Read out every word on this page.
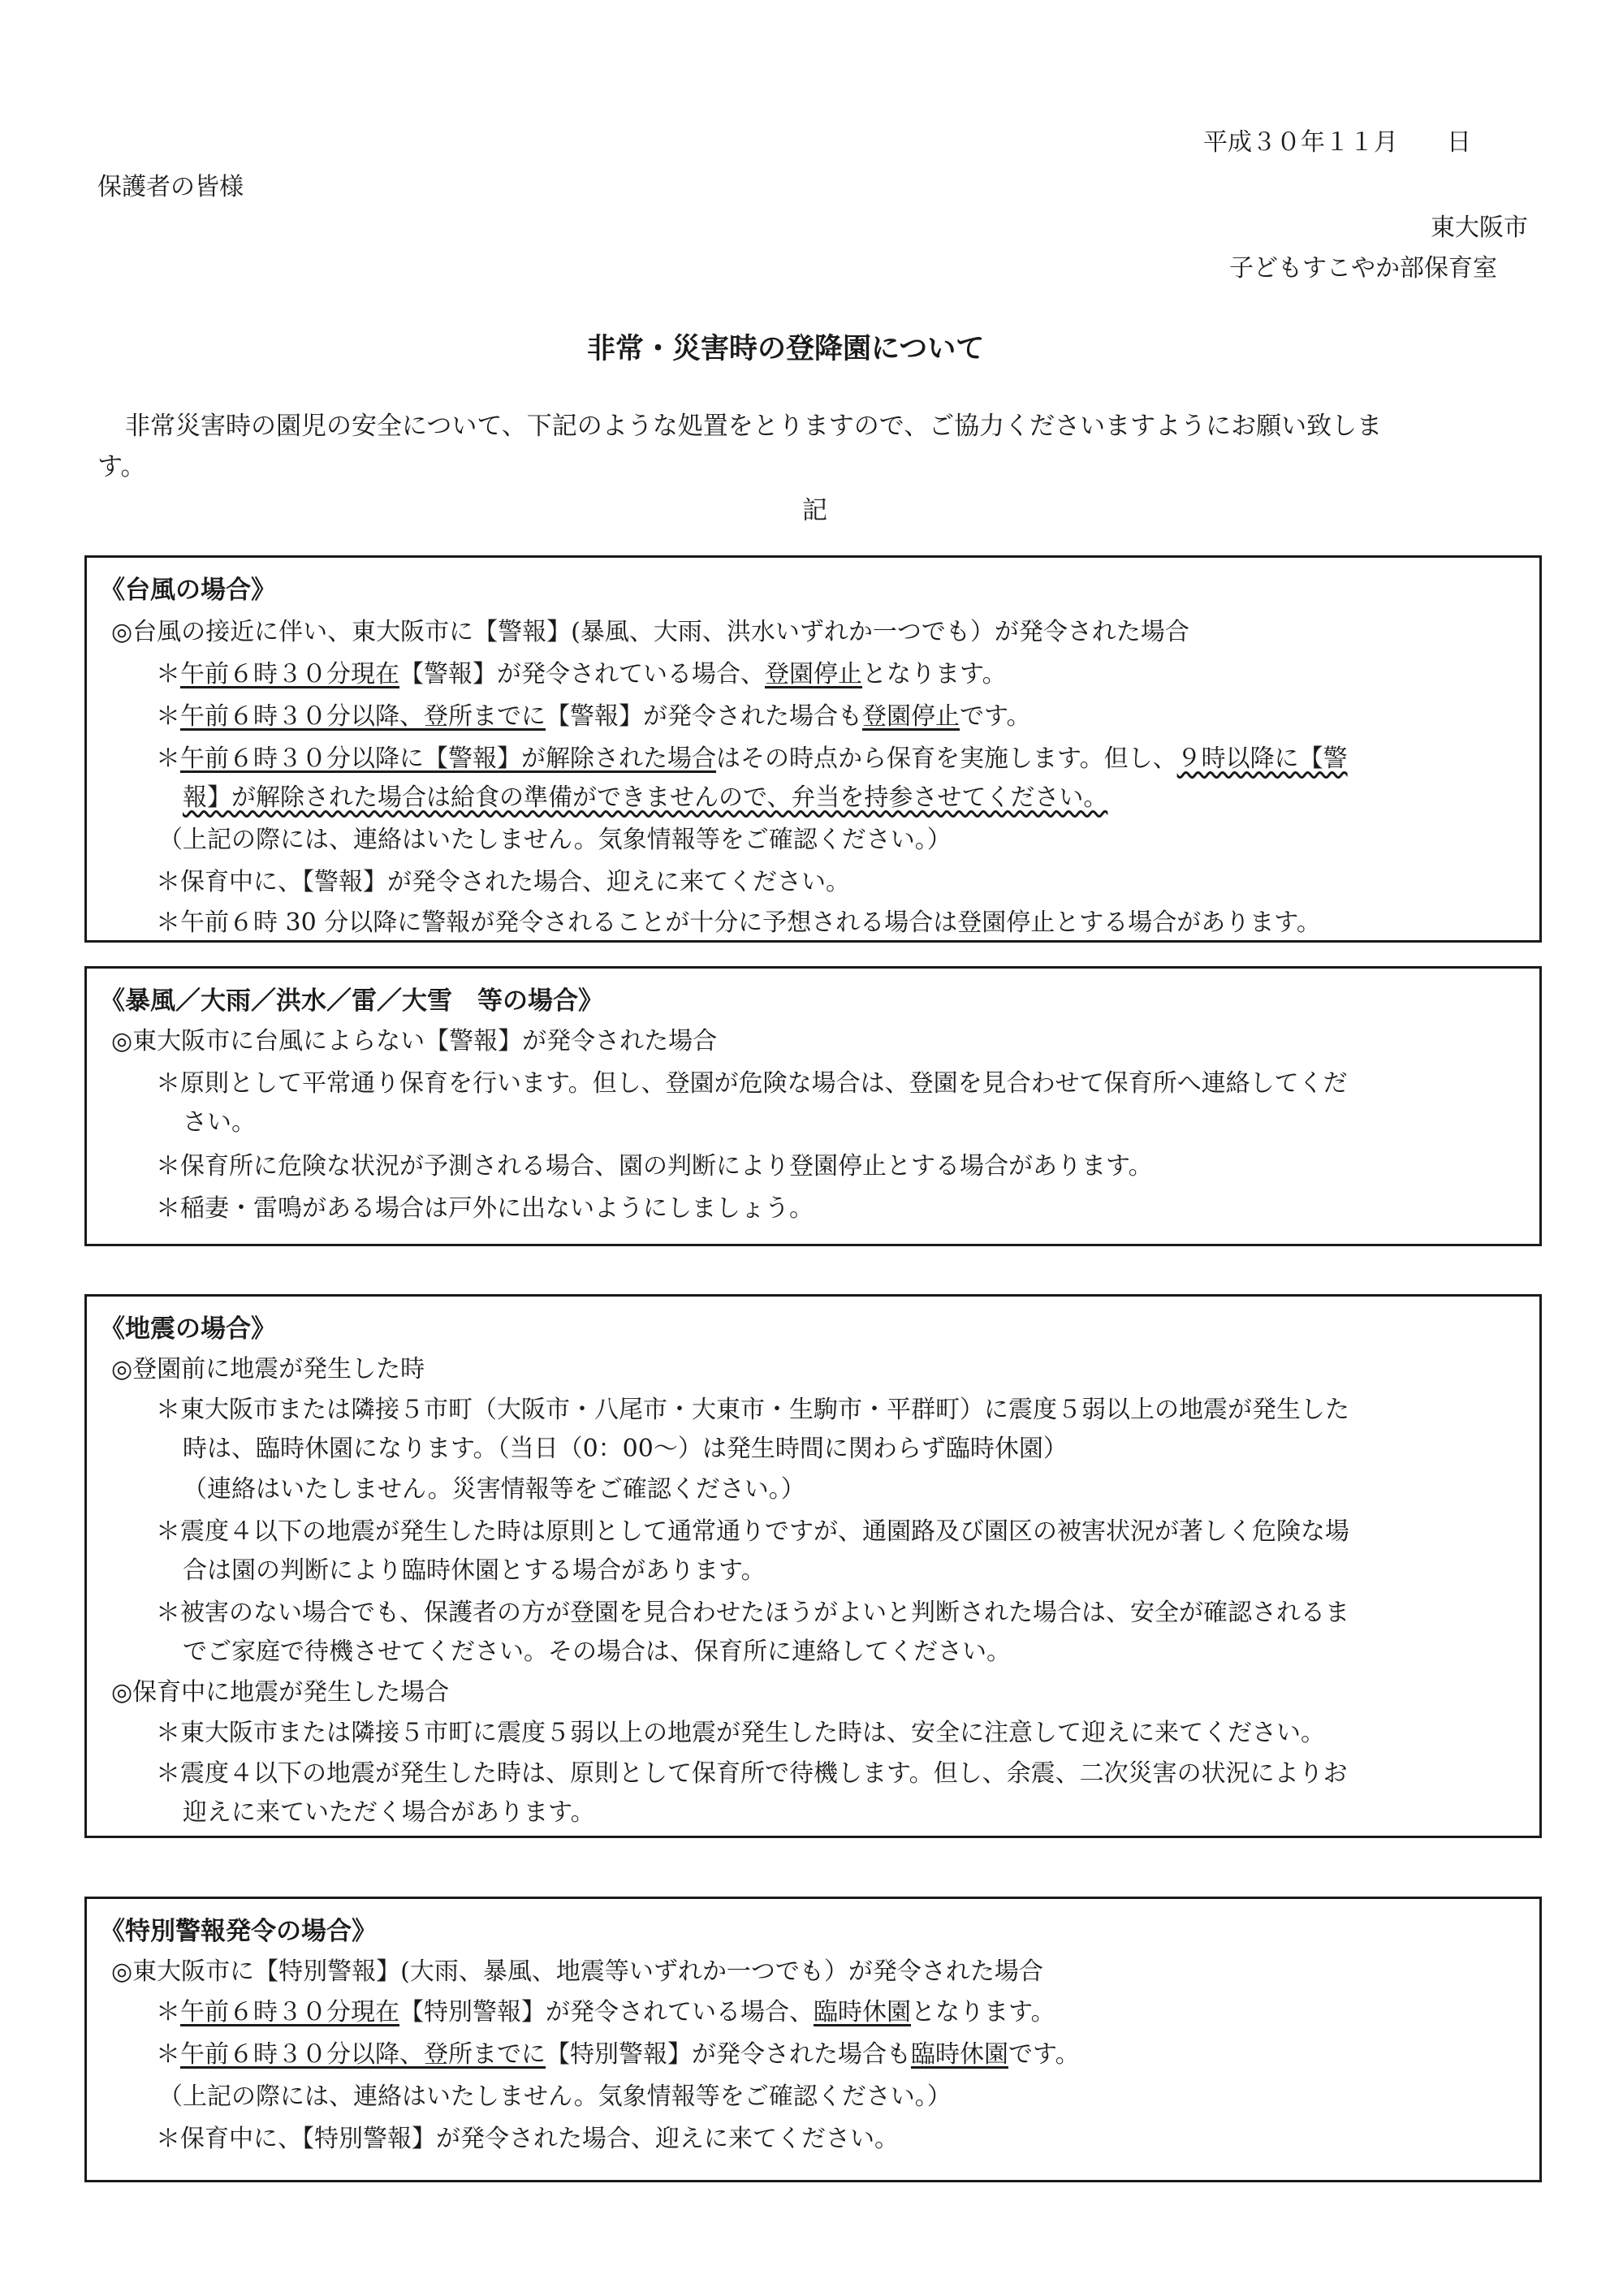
平成３０年１１月　　日
保護者の皆様
東大阪市
子どもすこやか部保育室
非常・災害時の登降園について
非常災害時の園児の安全について、下記のような処置をとりますので、ご協力くださいますようにお願い致しま
す。
記
《台風の場合》
◎台風の接近に伴い、東大阪市に【警報】(暴風、大雨、洪水いずれか一つでも）が発令された場合
＊午前６時３０分現在【警報】が発令されている場合、登園停止となります。
＊午前６時３０分以降、登所までに【警報】が発令された場合も登園停止です。
＊午前６時３０分以降に【警報】が解除された場合はその時点から保育を実施します。但し、９時以降に【警
報】が解除された場合は給食の準備ができませんので、弁当を持参させてください。
（上記の際には、連絡はいたしません。気象情報等をご確認ください。）
＊保育中に、【警報】が発令された場合、迎えに来てください。
＊午前６時 30 分以降に警報が発令されることが十分に予想される場合は登園停止とする場合があります。
《暴風／大雨／洪水／雷／大雪　等の場合》
◎東大阪市に台風によらない【警報】が発令された場合
＊原則として平常通り保育を行います。但し、登園が危険な場合は、登園を見合わせて保育所へ連絡してくだ
さい。
＊保育所に危険な状況が予測される場合、園の判断により登園停止とする場合があります。
＊稲妻・雷鳴がある場合は戸外に出ないようにしましょう。
《地震の場合》
◎登園前に地震が発生した時
＊東大阪市または隣接５市町（大阪市・八尾市・大東市・生駒市・平群町）に震度５弱以上の地震が発生した
時は、臨時休園になります。（当日（0：00～）は発生時間に関わらず臨時休園）
（連絡はいたしません。災害情報等をご確認ください。）
＊震度４以下の地震が発生した時は原則として通常通りですが、通園路及び園区の被害状況が著しく危険な場
合は園の判断により臨時休園とする場合があります。
＊被害のない場合でも、保護者の方が登園を見合わせたほうがよいと判断された場合は、安全が確認されるま
でご家庭で待機させてください。その場合は、保育所に連絡してください。
◎保育中に地震が発生した場合
＊東大阪市または隣接５市町に震度５弱以上の地震が発生した時は、安全に注意して迎えに来てください。
＊震度４以下の地震が発生した時は、原則として保育所で待機します。但し、余震、二次災害の状況によりお
迎えに来ていただく場合があります。
《特別警報発令の場合》
◎東大阪市に【特別警報】(大雨、暴風、地震等いずれか一つでも）が発令された場合
＊午前６時３０分現在【特別警報】が発令されている場合、臨時休園となります。
＊午前６時３０分以降、登所までに【特別警報】が発令された場合も臨時休園です。
（上記の際には、連絡はいたしません。気象情報等をご確認ください。）
＊保育中に、【特別警報】が発令された場合、迎えに来てください。
